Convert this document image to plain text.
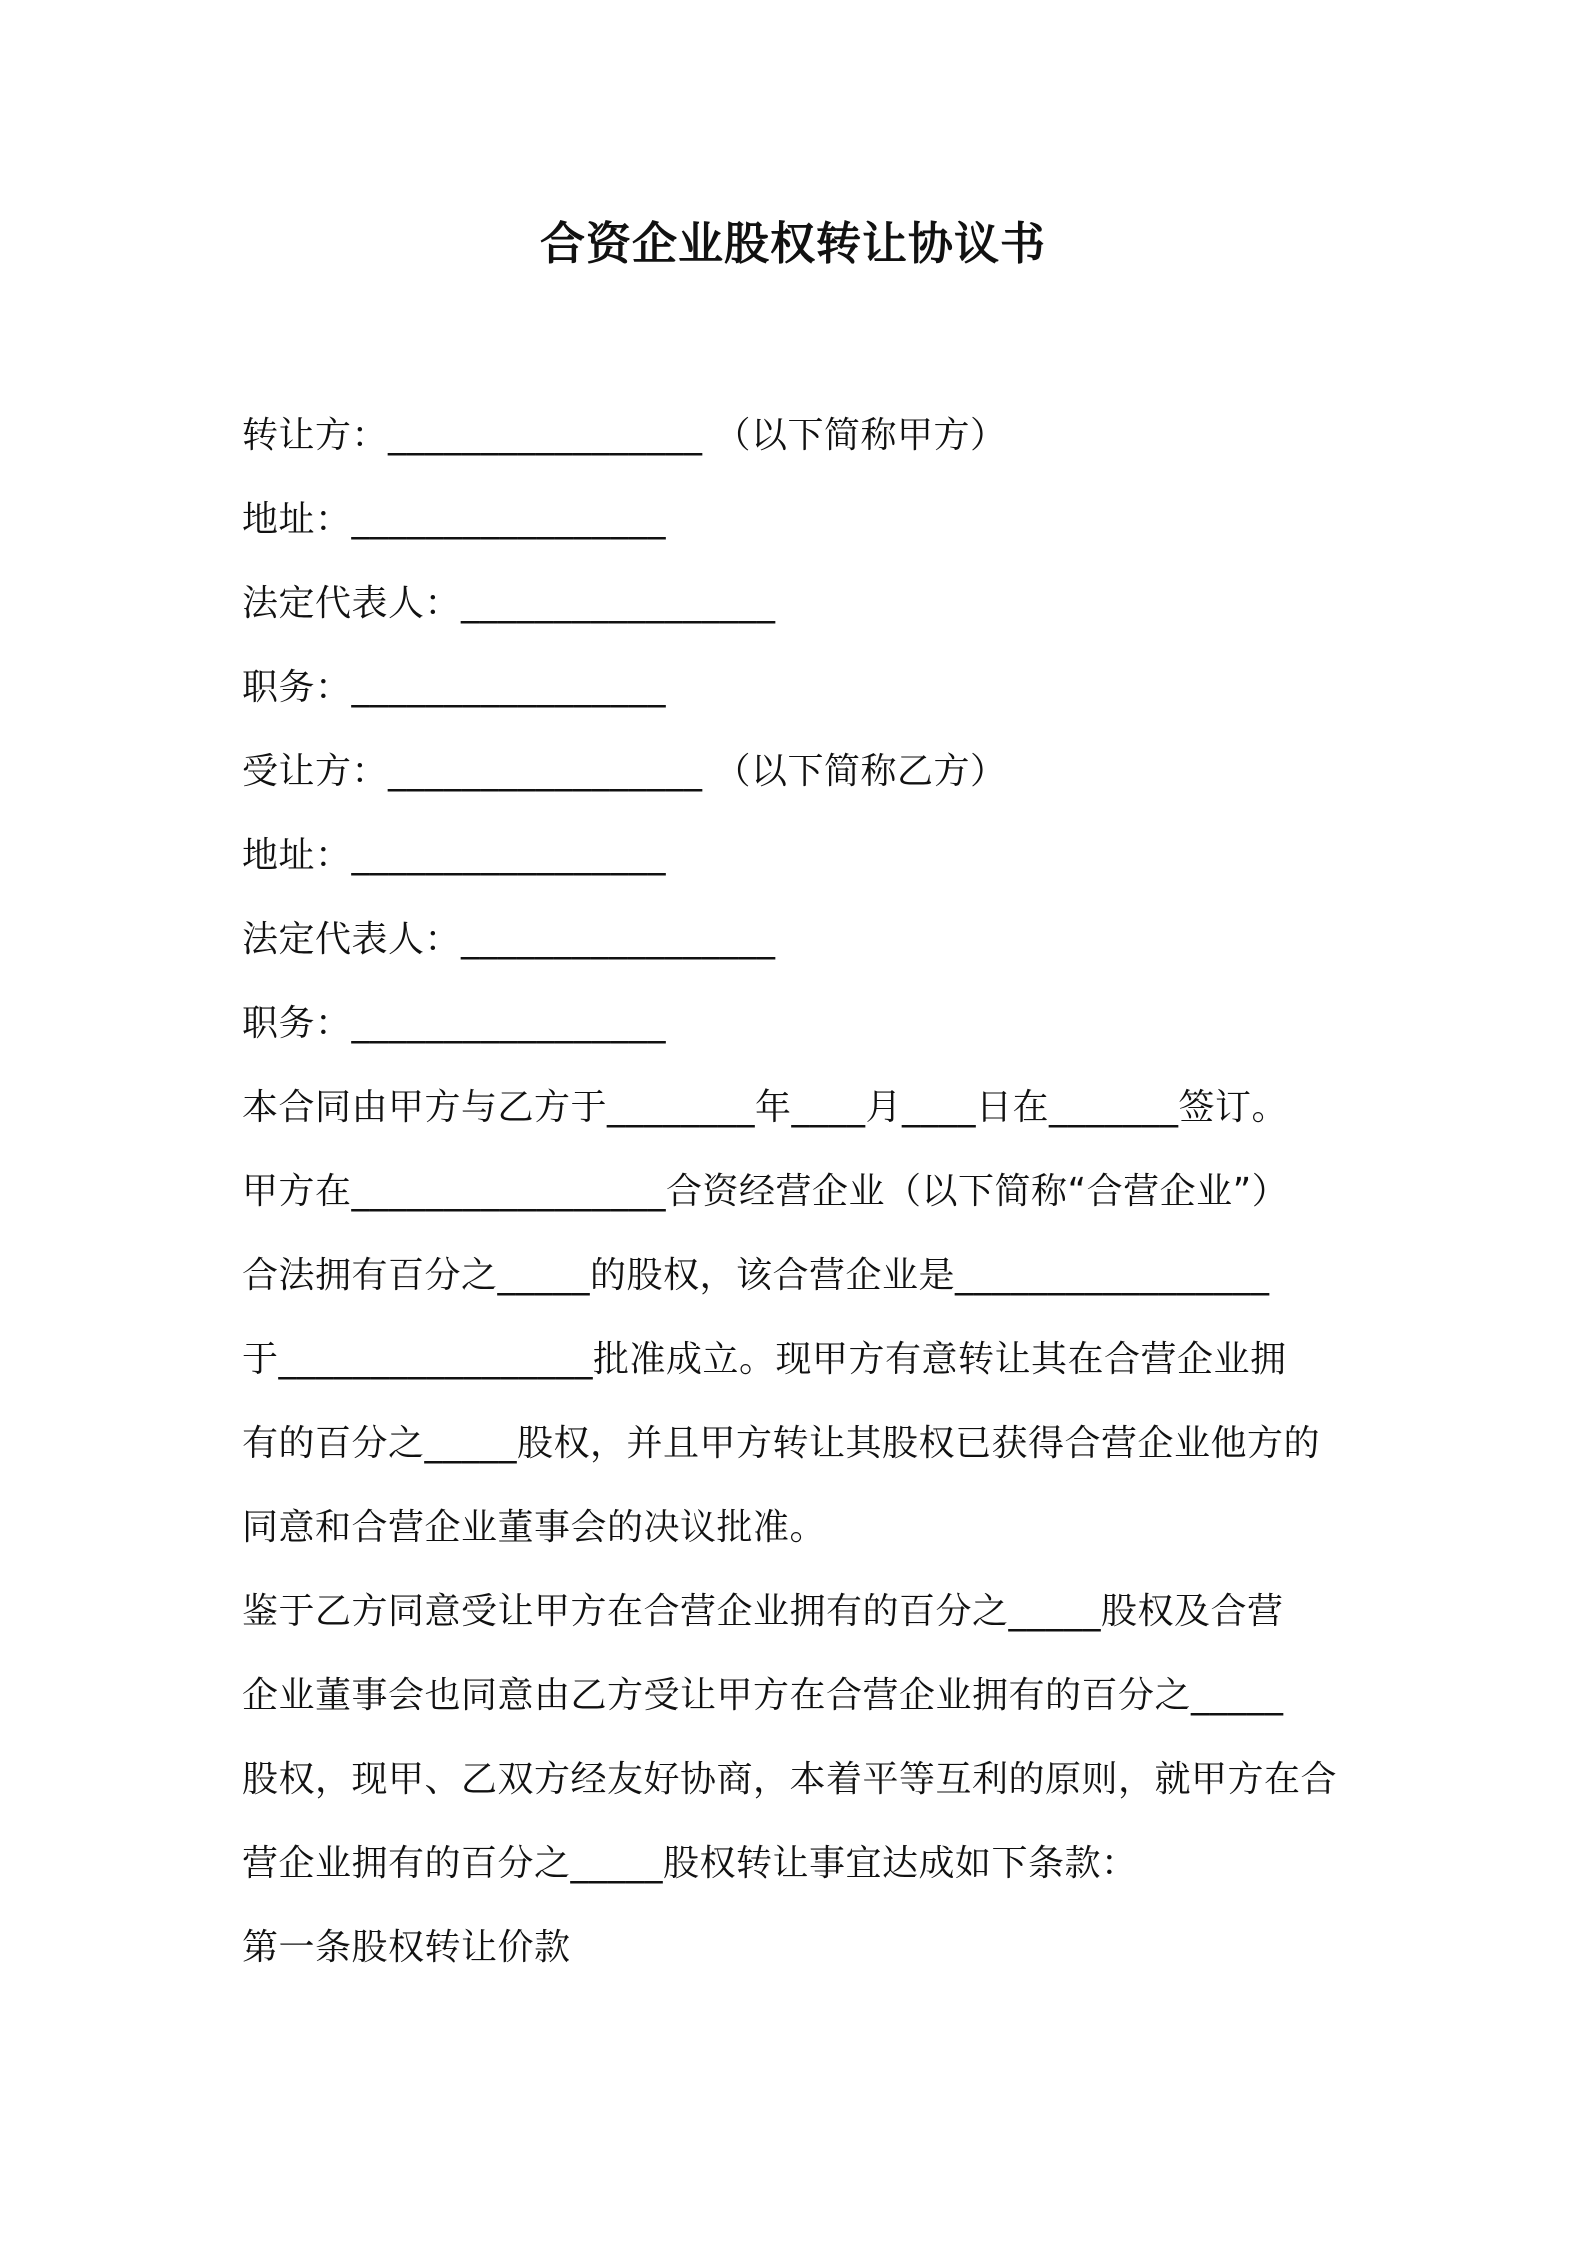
合资企业股权转让协议书
转让方：_________________ （以下简称甲方）
地址：_________________
法定代表人：_________________
职务：_________________
受让方：_________________ （以下简称乙方）
地址：_________________
法定代表人：_________________
职务：_________________
本合同由甲方与乙方于________年____月____日在_______签订。
甲方在_________________合资经营企业（以下简称“合营企业”）
合法拥有百分之_____的股权，该合营企业是_________________
于_________________批准成立。现甲方有意转让其在合营企业拥
有的百分之_____股权，并且甲方转让其股权已获得合营企业他方的
同意和合营企业董事会的决议批准。
鉴于乙方同意受让甲方在合营企业拥有的百分之_____股权及合营
企业董事会也同意由乙方受让甲方在合营企业拥有的百分之_____
股权，现甲、乙双方经友好协商，本着平等互利的原则，就甲方在合
营企业拥有的百分之_____股权转让事宜达成如下条款：
第一条股权转让价款
